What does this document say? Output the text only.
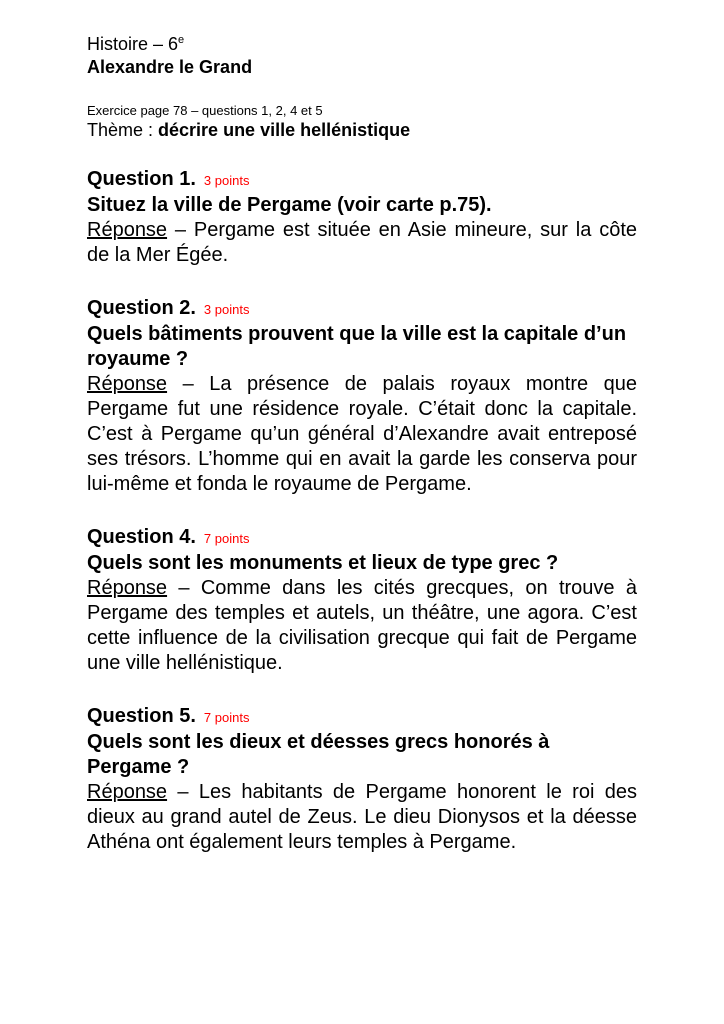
Histoire – 6e

Alexandre le Grand

Exercice page 78 – questions 1, 2, 4 et 5

Thème : décrire une ville hellénistique

Question 1. 3 points

Situez la ville de Pergame (voir carte p.75).

Réponse – Pergame est située en Asie mineure, sur la côte de la Mer Égée.

Question 2. 3 points

Quels bâtiments prouvent que la ville est la capitale d’un royaume ?

Réponse – La présence de palais royaux montre que Pergame fut une résidence royale. C’était donc la capitale. C’est à Pergame qu’un général d’Alexandre avait entreposé ses trésors. L’homme qui en avait la garde les conserva pour lui-même et fonda le royaume de Pergame.

Question 4. 7 points

Quels sont les monuments et lieux de type grec ?

Réponse – Comme dans les cités grecques, on trouve à Pergame des temples et autels, un théâtre, une agora. C’est cette influence de la civilisation grecque qui fait de Pergame une ville hellénistique.

Question 5. 7 points

Quels sont les dieux et déesses grecs honorés à Pergame ?

Réponse – Les habitants de Pergame honorent le roi des dieux au grand autel de Zeus. Le dieu Dionysos et la déesse Athéna ont également leurs temples à Pergame.
